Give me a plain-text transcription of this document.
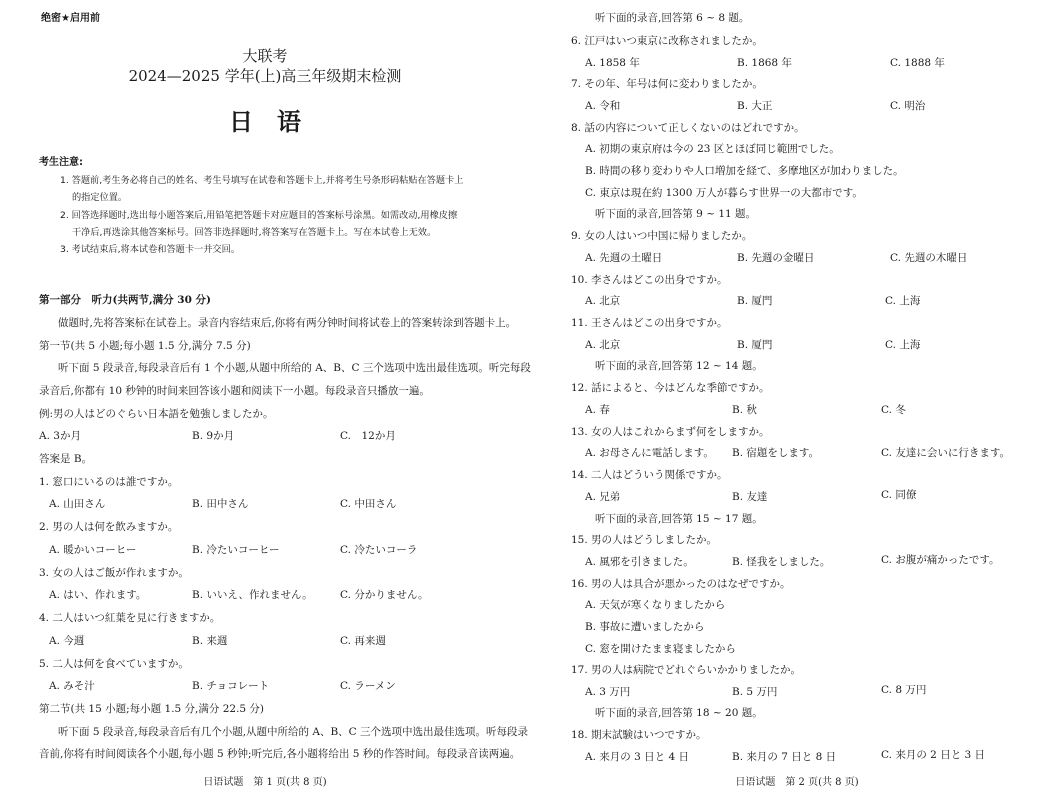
绝密★启用前
大联考
2024—2025 学年(上)高三年级期末检测
日　语
考生注意:
1. 答题前,考生务必将自己的姓名、考生号填写在试卷和答题卡上,并将考生号条形码粘贴在答题卡上
的指定位置。
2. 回答选择题时,选出每小题答案后,用铅笔把答题卡对应题目的答案标号涂黑。如需改动,用橡皮擦
干净后,再选涂其他答案标号。回答非选择题时,将答案写在答题卡上。写在本试卷上无效。
3. 考试结束后,将本试卷和答题卡一并交回。
第一部分　听力(共两节,满分 30 分)
做题时,先将答案标在试卷上。录音内容结束后,你将有两分钟时间将试卷上的答案转涂到答题卡上。
第一节(共 5 小题;每小题 1.5 分,满分 7.5 分)
听下面 5 段录音,每段录音后有 1 个小题,从题中所给的 A、B、C 三个选项中选出最佳选项。听完每段
录音后,你都有 10 秒钟的时间来回答该小题和阅读下一小题。每段录音只播放一遍。
例:男の人はどのぐらい日本語を勉強しましたか。
A. 3か月	B. 9か月	C.　12か月
答案是 B。
1. 窓口にいるのは誰ですか。
A. 山田さん	B. 田中さん	C. 中田さん
2. 男の人は何を飲みますか。
A. 暖かいコーヒー	B. 冷たいコーヒー	C. 冷たいコーラ
3. 女の人はご飯が作れますか。
A. はい、作れます。	B. いいえ、作れません。	C. 分かりません。
4. 二人はいつ紅葉を見に行きますか。
A. 今週	B. 来週	C. 再来週
5. 二人は何を食べていますか。
A. みそ汁	B. チョコレート	C. ラーメン
第二节(共 15 小题;每小题 1.5 分,满分 22.5 分)
听下面 5 段录音,每段录音后有几个小题,从题中所给的 A、B、C 三个选项中选出最佳选项。听每段录
音前,你将有时间阅读各个小题,每小题 5 秒钟;听完后,各小题将给出 5 秒的作答时间。每段录音读两遍。
日语试题　第 1 页(共 8 页)
听下面的录音,回答第 6 ~ 8 题。
6. 江戸はいつ東京に改称されましたか。
A. 1858 年	B. 1868 年	C. 1888 年
7. その年、年号は何に変わりましたか。
A. 令和	B. 大正	C. 明治
8. 話の内容について正しくないのはどれですか。
A. 初期の東京府は今の 23 区とほぼ同じ範囲でした。
B. 時間の移り変わりや人口増加を経て、多摩地区が加わりました。
C. 東京は現在約 1300 万人が暮らす世界一の大都市です。
听下面的录音,回答第 9 ~ 11 题。
9. 女の人はいつ中国に帰りましたか。
A. 先週の土曜日	B. 先週の金曜日	C. 先週の木曜日
10. 李さんはどこの出身ですか。
A. 北京	B. 厦門	C. 上海
11. 王さんはどこの出身ですか。
A. 北京	B. 厦門	C. 上海
听下面的录音,回答第 12 ~ 14 题。
12. 話によると、今はどんな季節ですか。
A. 春	B. 秋	C. 冬
13. 女の人はこれからまず何をしますか。
A. お母さんに電話します。 B. 宿題をします。	C. 友達に会いに行きます。
14. 二人はどういう関係ですか。
A. 兄弟	B. 友達	C. 同僚
听下面的录音,回答第 15 ~ 17 题。
15. 男の人はどうしましたか。
A. 風邪を引きました。	B. 怪我をしました。	C. お腹が痛かったです。
16. 男の人は具合が悪かったのはなぜですか。
A. 天気が寒くなりましたから
B. 事故に遭いましたから
C. 窓を開けたまま寝ましたから
17. 男の人は病院でどれぐらいかかりましたか。
A. 3 万円	B. 5 万円	C. 8 万円
听下面的录音,回答第 18 ~ 20 题。
18. 期末試験はいつですか。
A. 来月の 3 日と 4 日	B. 来月の 7 日と 8 日	C. 来月の 2 日と 3 日
日语试题　第 2 页(共 8 页)
